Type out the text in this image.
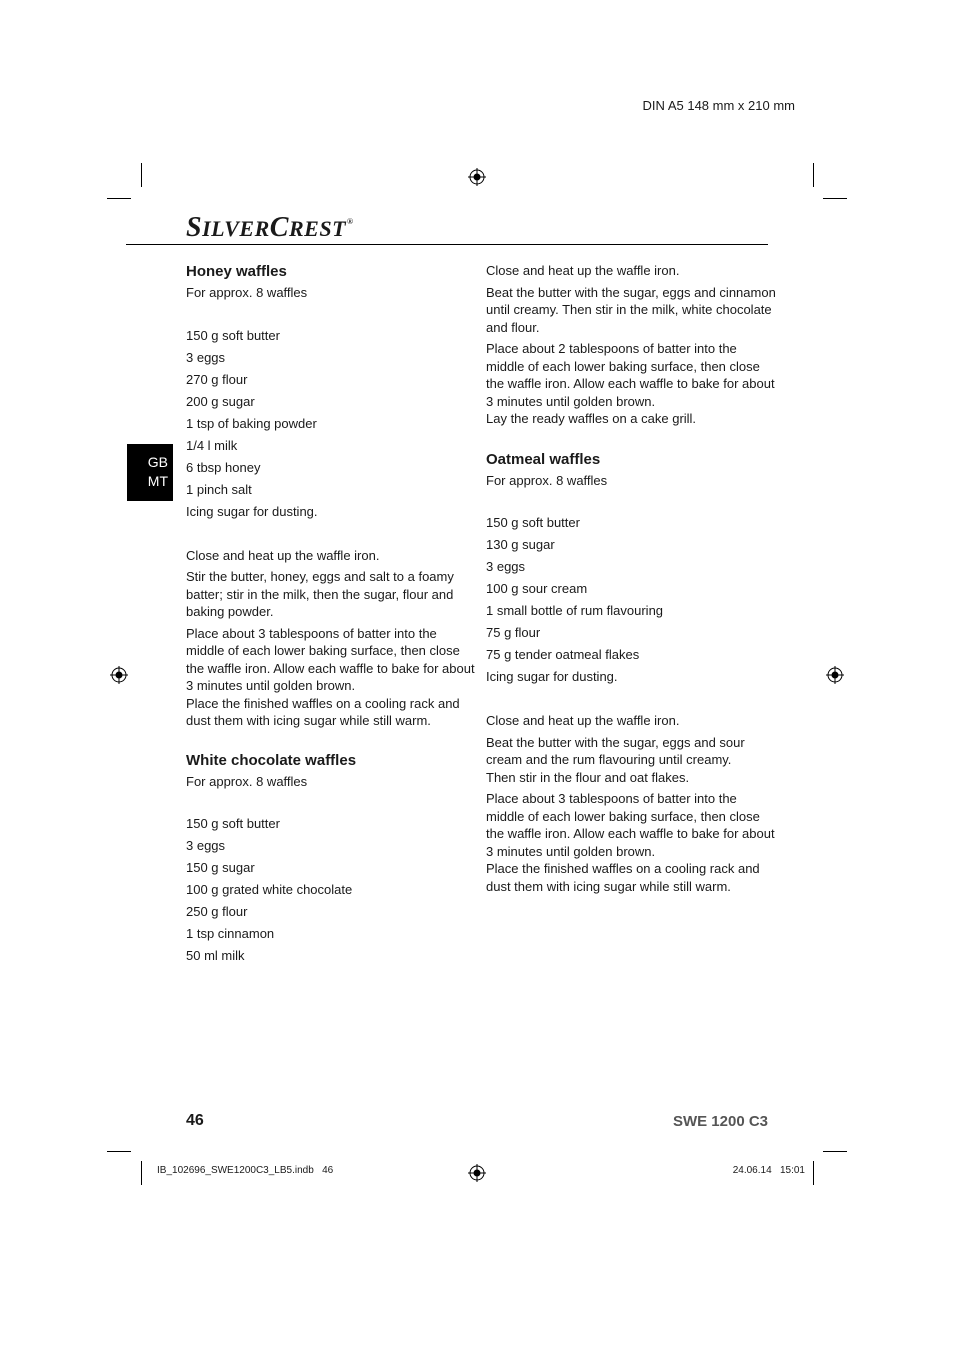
DIN A5 148 mm x 210 mm
SILVERCREST®
GB
MT
Honey waffles

For approx. 8 waffles

150 g soft butter
3 eggs
270 g flour
200 g sugar
1 tsp of baking powder
1/4 l milk
6 tbsp honey
1 pinch salt
Icing sugar for dusting.

Close and heat up the waffle iron.

Stir the butter, honey, eggs and salt to a foamy batter; stir in the milk, then the sugar, flour and baking powder.

Place about 3 tablespoons of batter into the middle of each lower baking surface, then close the waffle iron. Allow each waffle to bake for about 3 minutes until golden brown.

Place the finished waffles on a cooling rack and dust them with icing sugar while still warm.

White chocolate waffles

For approx. 8 waffles

150 g soft butter
3 eggs
150 g sugar
100 g grated white chocolate
250 g flour
1 tsp cinnamon
50 ml milk

Close and heat up the waffle iron.

Beat the butter with the sugar, eggs and cinnamon until creamy. Then stir in the milk, white chocolate and flour.

Place about 2 tablespoons of batter into the middle of each lower baking surface, then close the waffle iron. Allow each waffle to bake for about 3 minutes until golden brown.

Lay the ready waffles on a cake grill.

Oatmeal waffles

For approx. 8 waffles

150 g soft butter
130 g sugar
3 eggs
100 g sour cream
1 small bottle of rum flavouring
75 g flour
75 g tender oatmeal flakes
Icing sugar for dusting.

Close and heat up the waffle iron.

Beat the butter with the sugar, eggs and sour cream and the rum flavouring until creamy.

Then stir in the flour and oat flakes.

Place about 3 tablespoons of batter into the middle of each lower baking surface, then close the waffle iron. Allow each waffle to bake for about 3 minutes until golden brown.

Place the finished waffles on a cooling rack and dust them with icing sugar while still warm.

46	SWE 1200 C3
IB_102696_SWE1200C3_LB5.indb   46	24.06.14   15:01
